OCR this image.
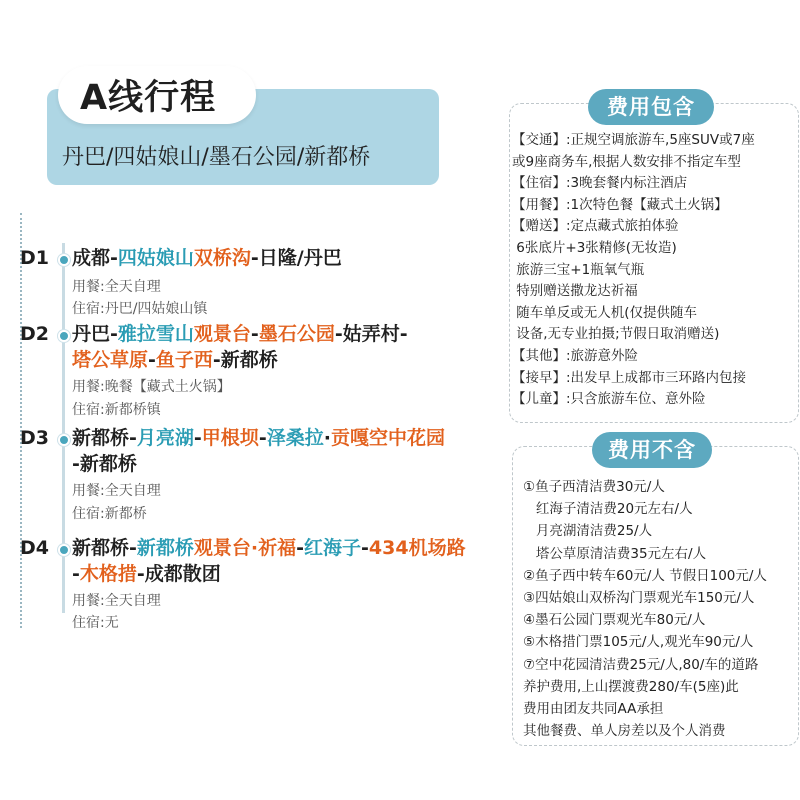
A线行程
丹巴/四姑娘山/墨石公园/新都桥
D1 成都-四姑娘山双桥沟-日隆/丹巴
用餐:全天自理
住宿:丹巴/四姑娘山镇
D2 丹巴-雅拉雪山观景台-墨石公园-姑弄村-
塔公草原-鱼子西-新都桥
用餐:晚餐【藏式土火锅】
住宿:新都桥镇
D3 新都桥-月亮湖-甲根坝-泽桑拉·贡嘎空中花园
-新都桥
用餐:全天自理
住宿:新都桥
D4 新都桥-新都桥观景台·祈福-红海子-434机场路
-木格措-成都散团
用餐:全天自理
住宿:无
费用包含
【交通】:正规空调旅游车,5座SUV或7座
或9座商务车,根据人数安排不指定车型
【住宿】:3晚套餐内标注酒店
【用餐】:1次特色餐【藏式土火锅】
【赠送】:定点藏式旅拍体验
6张底片+3张精修(无妆造)
旅游三宝+1瓶氧气瓶
特别赠送撒龙达祈福
随车单反或无人机(仅提供随车
设备,无专业拍摄;节假日取消赠送)
【其他】:旅游意外险
【接早】:出发早上成都市三环路内包接
【儿童】:只含旅游车位、意外险
费用不含
①鱼子西清洁费30元/人
红海子清洁费20元左右/人
月亮湖清洁费25/人
塔公草原清洁费35元左右/人
②鱼子西中转车60元/人 节假日100元/人
③四姑娘山双桥沟门票观光车150元/人
④墨石公园门票观光车80元/人
⑤木格措门票105元/人,观光车90元/人
⑦空中花园清洁费25元/人,80/车的道路
养护费用,上山摆渡费280/车(5座)此
费用由团友共同AA承担
其他餐费、单人房差以及个人消费
